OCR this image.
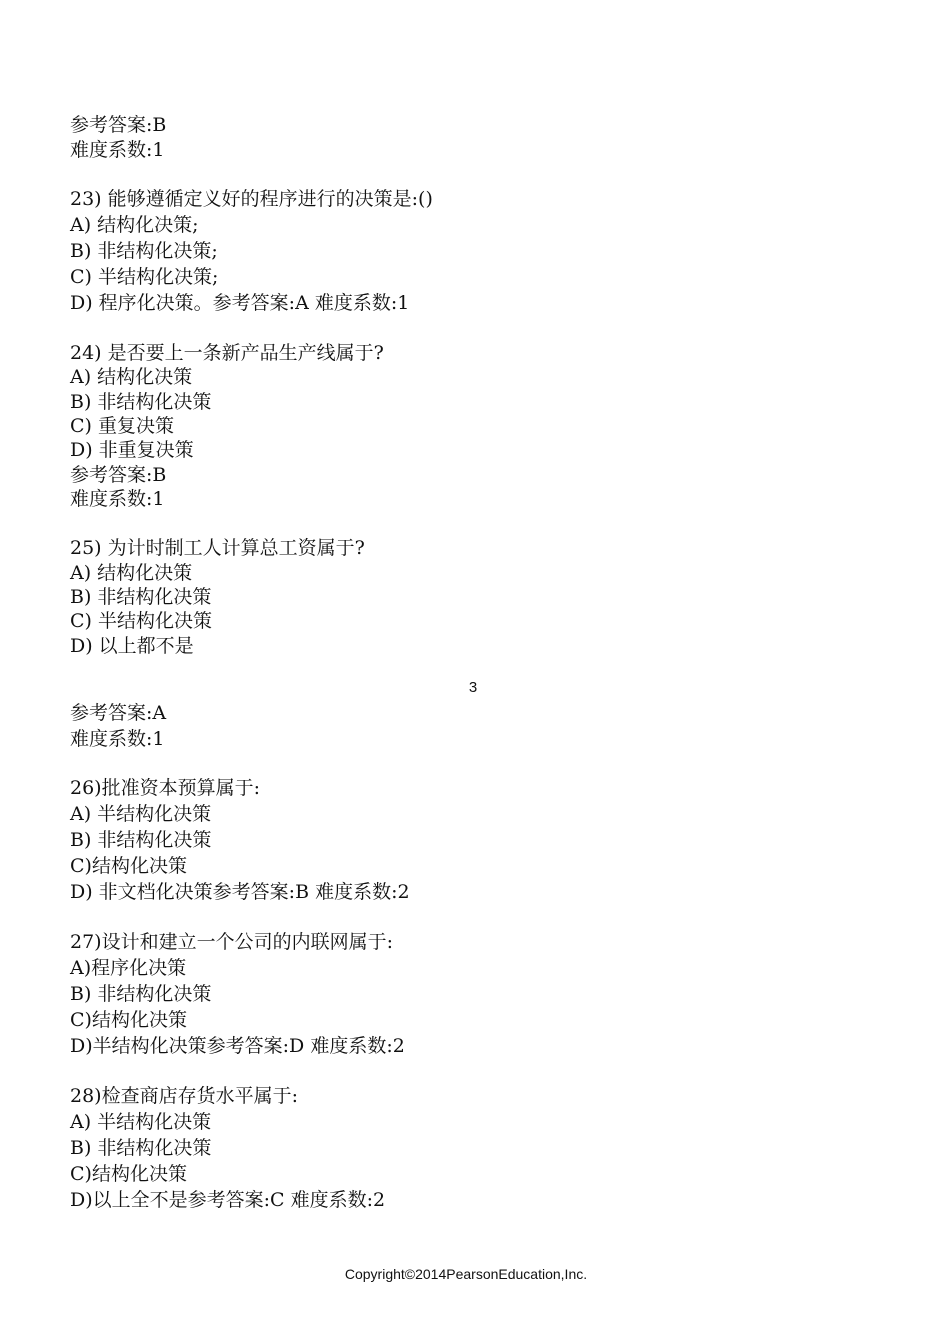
参考答案:B
难度系数:1
23) 能够遵循定义好的程序进行的决策是:()
A) 结构化决策;
B) 非结构化决策;
C) 半结构化决策;
D) 程序化决策。参考答案:A 难度系数:1
24) 是否要上一条新产品生产线属于?
A) 结构化决策
B) 非结构化决策
C) 重复决策
D) 非重复决策
参考答案:B
难度系数:1
25) 为计时制工人计算总工资属于?
A) 结构化决策
B) 非结构化决策
C) 半结构化决策
D) 以上都不是
3
参考答案:A
难度系数:1
26)批准资本预算属于:
A) 半结构化决策
B) 非结构化决策
C)结构化决策
D) 非文档化决策参考答案:B 难度系数:2
27)设计和建立一个公司的内联网属于:
A)程序化决策
B) 非结构化决策
C)结构化决策
D)半结构化决策参考答案:D 难度系数:2
28)检查商店存货水平属于:
A) 半结构化决策
B) 非结构化决策
C)结构化决策
D)以上全不是参考答案:C 难度系数:2
Copyright©2014PearsonEducation,Inc.
